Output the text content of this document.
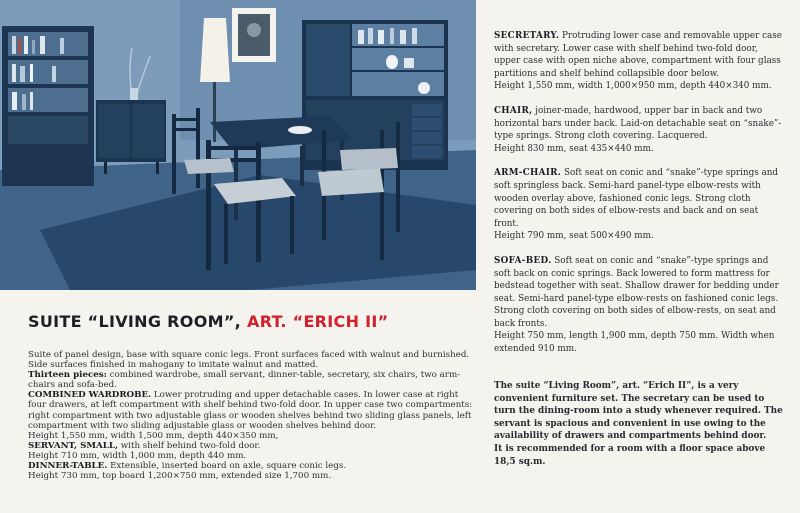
SUITE “LIVING ROOM”, ART. “ERICH II”

Suite of panel design, base with square conic legs. Front surfaces faced with walnut and burnished. Side surfaces finished in mahogany to imitate walnut and matted.

Thirteen pieces: combined wardrobe, small servant, dinner-table, secretary, six chairs, two arm-chairs and sofa-bed.

COMBINED WARDROBE. Lower protruding and upper detachable cases. In lower case at right four drawers, at left compartment with shelf behind two-fold door. In upper case two compartments: right compartment with two adjustable glass or wooden shelves behind two sliding glass panels, left compartment with two sliding adjustable glass or wooden shelves behind door.

Height 1,550 mm, width 1,500 mm, depth 440×350 mm,

SERVANT, SMALL, with shelf behind two-fold door.

Height 710 mm, width 1,000 mm, depth 440 mm.

DINNER-TABLE. Extensible, inserted board on axle, square conic legs.

Height 730 mm, top board 1,200×750 mm, extended size 1,700 mm.

SECRETARY. Protruding lower case and removable upper case with secretary. Lower case with shelf behind two-fold door, upper case with open niche above, compartment with four glass partitions and shelf behind collapsible door below.

Height 1,550 mm, width 1,000×950 mm, depth 440×340 mm.

CHAIR, joiner-made, hardwood, upper bar in back and two horizontal bars under back. Laid-on detachable seat on “snake”-type springs. Strong cloth covering. Lacquered.

Height 830 mm, seat 435×440 mm.

ARM-CHAIR. Soft seat on conic and “snake”-type springs and soft springless back. Semi-hard panel-type elbow-rests with wooden overlay above, fashioned conic legs. Strong cloth covering on both sides of elbow-rests and back and on seat front.

Height 790 mm, seat 500×490 mm.

SOFA-BED. Soft seat on conic and “snake”-type springs and soft back on conic springs. Back lowered to form mattress for bedstead together with seat. Shallow drawer for bedding under seat. Semi-hard panel-type elbow-rests on fashioned conic legs.

Strong cloth covering on both sides of elbow-rests, on seat and back fronts.

Height 750 mm, length 1,900 mm, depth 750 mm. Width when extended 910 mm.

The suite “Living Room”, art. “Erich II”, is a very convenient furniture set. The secretary can be used to turn the dining-room into a study whenever required. The servant is spacious and convenient in use owing to the availability of drawers and compartments behind door.

It is recommended for a room with a floor space above 18,5 sq.m.
